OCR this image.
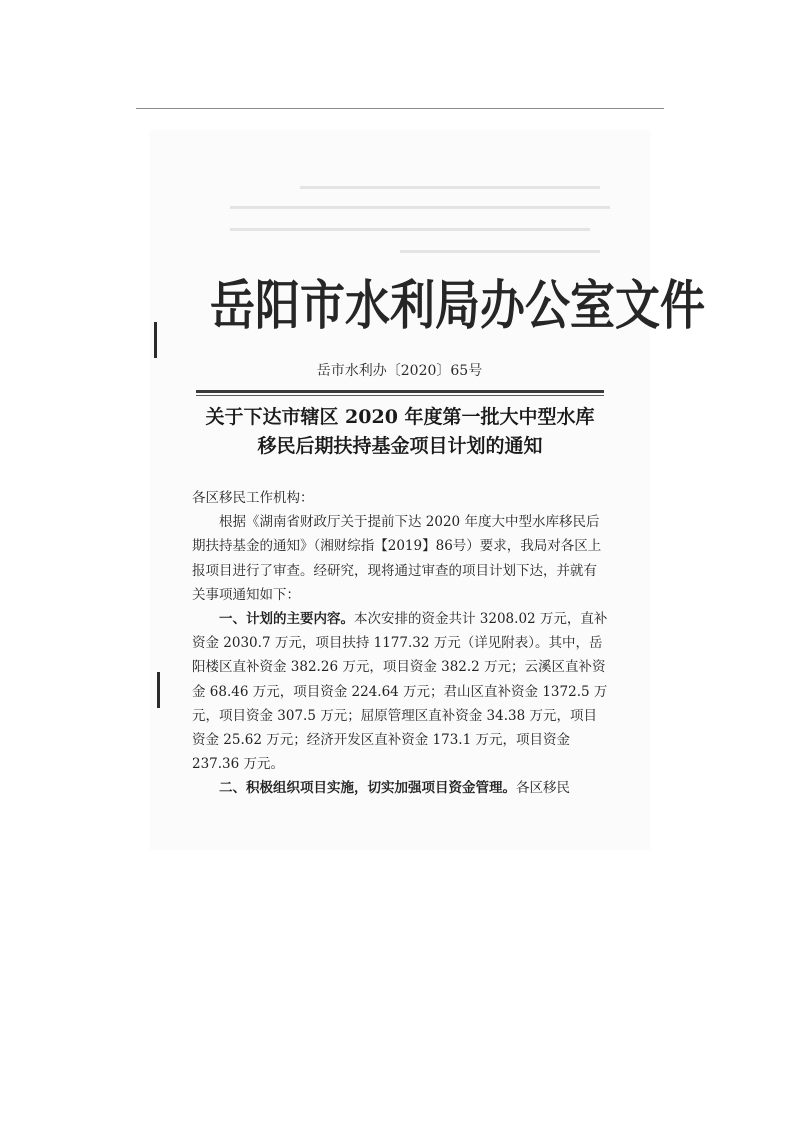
岳阳市水利局办公室文件
岳市水利办〔2020〕65号
关于下达市辖区 2020 年度第一批大中型水库
移民后期扶持基金项目计划的通知

各区移民工作机构：

根据《湖南省财政厅关于提前下达 2020 年度大中型水库移民后期扶持基金的通知》（湘财综指【2019】86号）要求，我局对各区上报项目进行了审查。经研究，现将通过审查的项目计划下达，并就有关事项通知如下：

一、计划的主要内容。本次安排的资金共计 3208.02 万元，直补资金 2030.7 万元，项目扶持 1177.32 万元（详见附表）。其中，岳阳楼区直补资金 382.26 万元，项目资金 382.2 万元；云溪区直补资金 68.46 万元，项目资金 224.64 万元；君山区直补资金 1372.5 万元，项目资金 307.5 万元；屈原管理区直补资金 34.38 万元，项目资金 25.62 万元；经济开发区直补资金 173.1 万元，项目资金 237.36 万元。

二、积极组织项目实施，切实加强项目资金管理。各区移民
